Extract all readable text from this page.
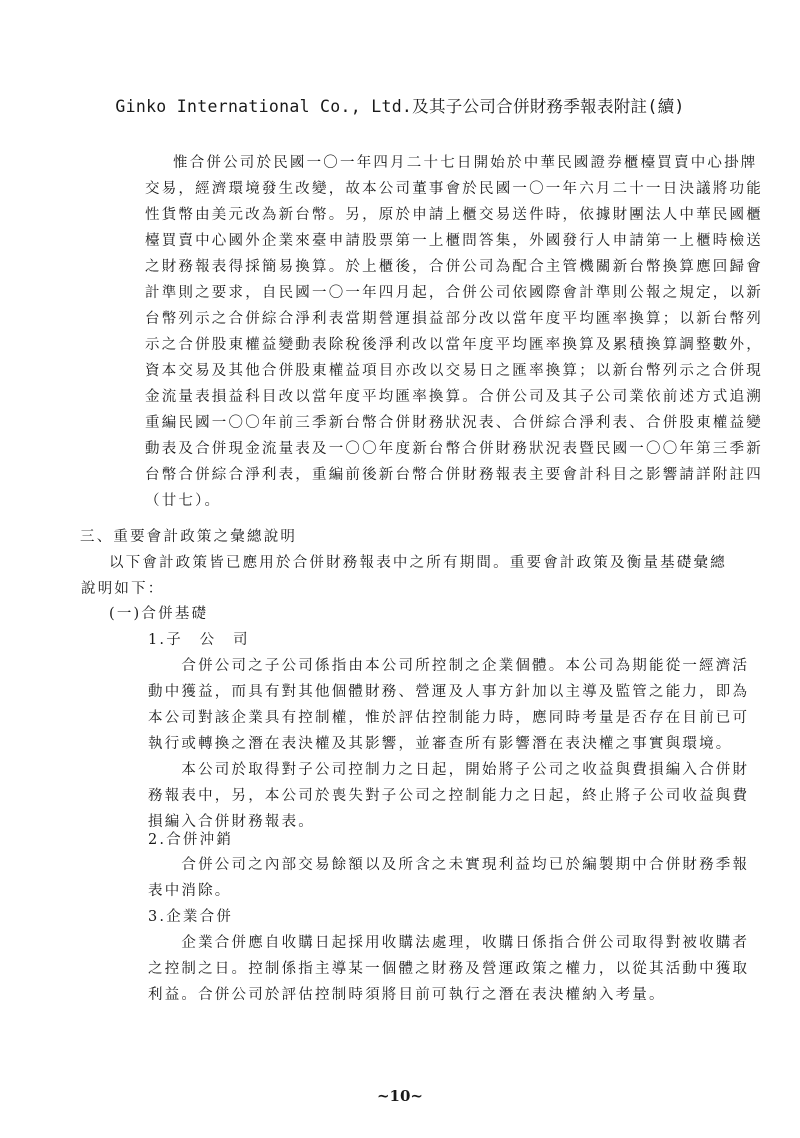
Ginko International Co., Ltd.及其子公司合併財務季報表附註(續)
惟合併公司於民國一〇一年四月二十七日開始於中華民國證券櫃檯買賣中心掛牌
交易，經濟環境發生改變，故本公司董事會於民國一〇一年六月二十一日決議將功能
性貨幣由美元改為新台幣。另，原於申請上櫃交易送件時，依據財團法人中華民國櫃
檯買賣中心國外企業來臺申請股票第一上櫃問答集，外國發行人申請第一上櫃時檢送
之財務報表得採簡易換算。於上櫃後，合併公司為配合主管機關新台幣換算應回歸會
計準則之要求，自民國一〇一年四月起，合併公司依國際會計準則公報之規定，以新
台幣列示之合併綜合淨利表當期營運損益部分改以當年度平均匯率換算；以新台幣列
示之合併股東權益變動表除稅後淨利改以當年度平均匯率換算及累積換算調整數外，
資本交易及其他合併股東權益項目亦改以交易日之匯率換算；以新台幣列示之合併現
金流量表損益科目改以當年度平均匯率換算。合併公司及其子公司業依前述方式追溯
重編民國一〇〇年前三季新台幣合併財務狀況表、合併綜合淨利表、合併股東權益變
動表及合併現金流量表及一〇〇年度新台幣合併財務狀況表暨民國一〇〇年第三季新
台幣合併綜合淨利表，重編前後新台幣合併財務報表主要會計科目之影響請詳附註四
（廿七）。
三、重要會計政策之彙總說明
以下會計政策皆已應用於合併財務報表中之所有期間。重要會計政策及衡量基礎彙總
說明如下：
(一)合併基礎
1.子　公　司
　　合併公司之子公司係指由本公司所控制之企業個體。本公司為期能從一經濟活
動中獲益，而具有對其他個體財務、營運及人事方針加以主導及監管之能力，即為
本公司對該企業具有控制權，惟於評估控制能力時，應同時考量是否存在目前已可
執行或轉換之潛在表決權及其影響，並審查所有影響潛在表決權之事實與環境。
　　本公司於取得對子公司控制力之日起，開始將子公司之收益與費損編入合併財
務報表中，另，本公司於喪失對子公司之控制能力之日起，終止將子公司收益與費
損編入合併財務報表。
2.合併沖銷
　　合併公司之內部交易餘額以及所含之未實現利益均已於編製期中合併財務季報
表中消除。
3.企業合併
　　企業合併應自收購日起採用收購法處理，收購日係指合併公司取得對被收購者
之控制之日。控制係指主導某一個體之財務及營運政策之權力，以從其活動中獲取
利益。合併公司於評估控制時須將目前可執行之潛在表決權納入考量。
~10~
